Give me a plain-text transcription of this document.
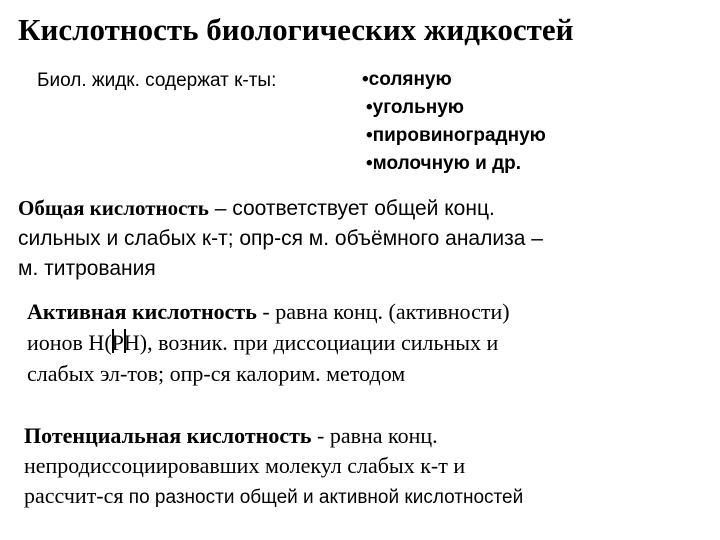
Кислотность биологических жидкостей
Биол. жидк. содержат к-ты:	•соляную
•угольную
•пировиноградную
•молочную и др.
Общая кислотность – соответствует общей конц.
сильных и слабых к-т; опр-ся м. объёмного анализа –
м. титрования
Активная кислотность - равна конц. (активности)
ионов Н
(РН), возник. при диссоциации сильных и
слабых эл-тов; опр-ся калорим. методом
Потенциальная кислотность - равна конц.
непродиссоциировавших молекул слабых к-т и
рассчит-ся по разности общей и активной кислотностей
